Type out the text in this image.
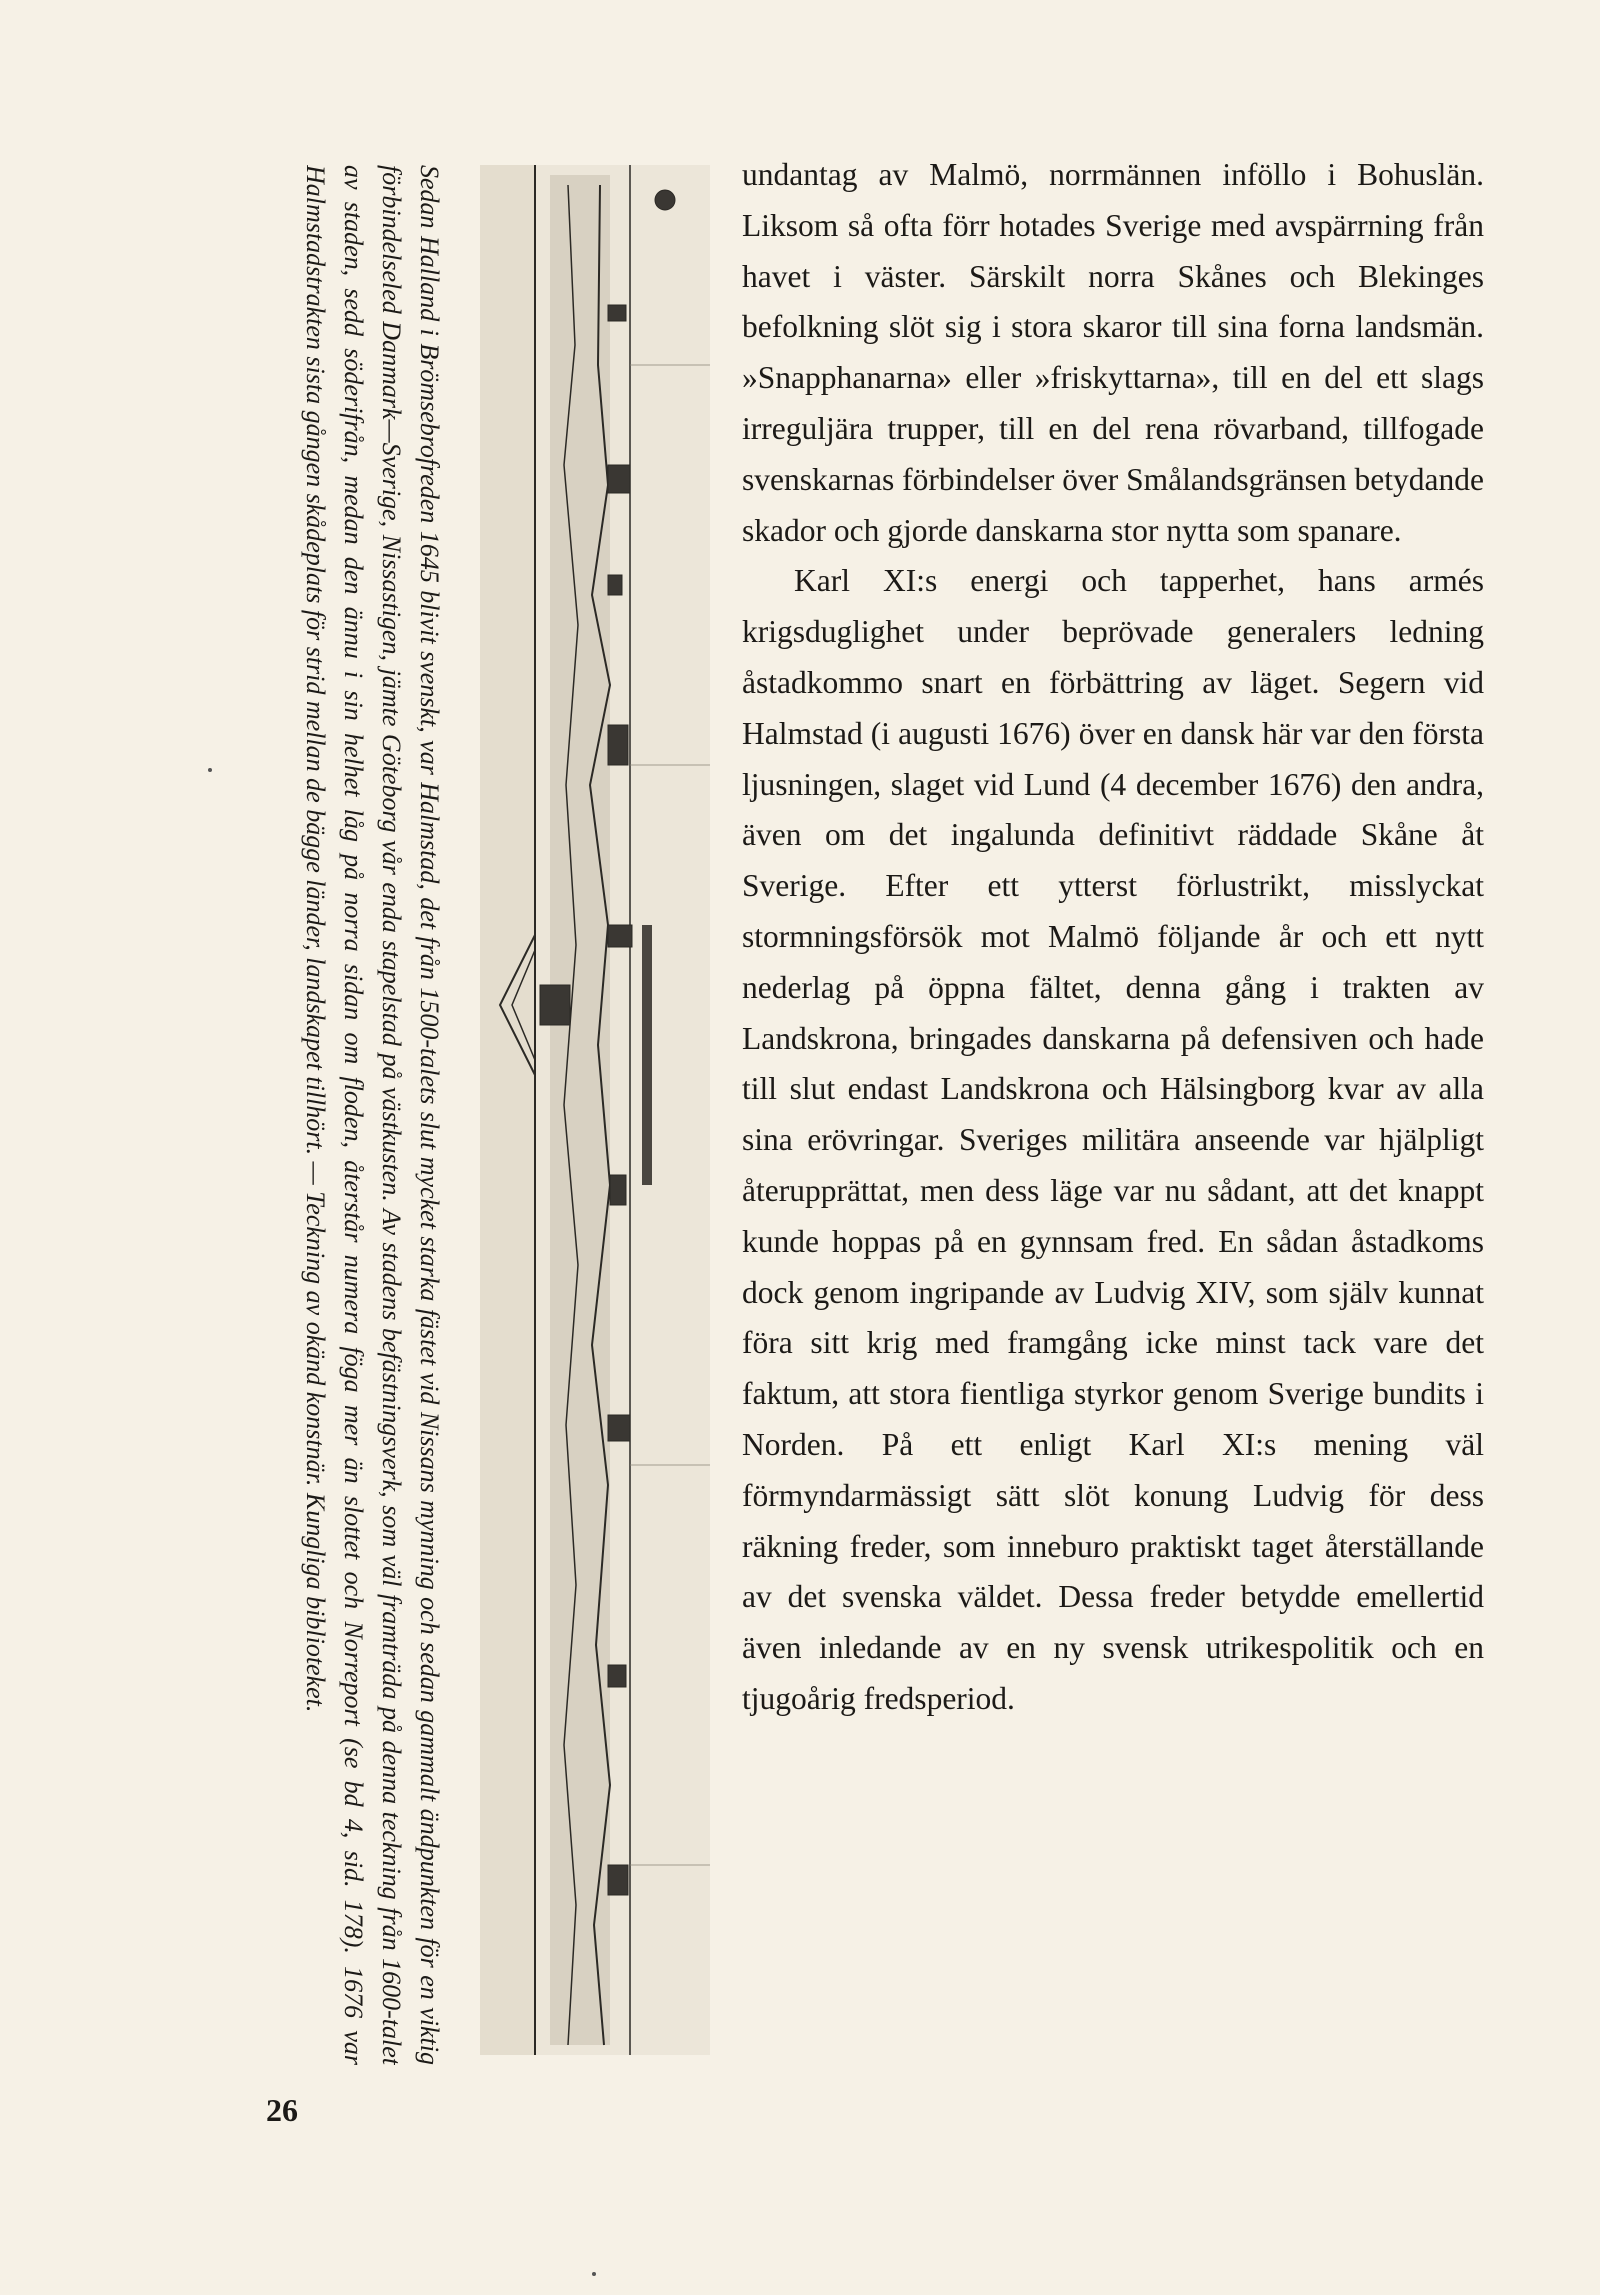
Sedan Halland i Brömsebrofreden 1645 blivit svenskt, var Halmstad, det från 1500-talets slut mycket starka fästet vid Nissans mynning och sedan gammalt ändpunkten för en viktig förbindelseled Danmark—Sverige, Nissastigen, jämte Göteborg vår enda stapelstad på västkusten. Av stadens befästningsverk, som väl framträda på denna teckning från 1600-talet av staden, sedd söderifrån, medan den ännu i sin helhet låg på norra sidan om floden, återstår numera föga mer än slottet och Norreport (se bd 4, sid. 178). 1676 var Halmstadstrakten sista gången skådeplats för strid mellan de bägge länder, landskapet tillhört. — Teckning av okänd konstnär. Kungliga biblioteket.	undantag av Malmö, norrmännen inföllo i Bohuslän. Liksom så ofta förr hotades Sverige med avspärrning från havet i väster. Särskilt norra Skånes och Blekinges befolkning slöt sig i stora skaror till sina forna landsmän. »Snapphanarna» eller »friskyttarna», till en del ett slags irreguljära trupper, till en del rena rövarband, tillfogade svenskarnas förbindelser över Smålandsgränsen betydande skador och gjorde danskarna stor nytta som spanare.

Karl XI:s energi och tapperhet, hans armés krigsduglighet under beprövade generalers ledning åstadkommo snart en förbättring av läget. Segern vid Halmstad (i augusti 1676) över en dansk här var den första ljusningen, slaget vid Lund (4 december 1676) den andra, även om det ingalunda definitivt räddade Skåne åt Sverige. Efter ett ytterst förlustrikt, misslyckat stormningsförsök mot Malmö följande år och ett nytt nederlag på öppna fältet, denna gång i trakten av Landskrona, bringades danskarna på defensiven och hade till slut endast Landskrona och Hälsingborg kvar av alla sina erövringar. Sveriges militära anseende var hjälpligt återupprättat, men dess läge var nu sådant, att det knappt kunde hoppas på en gynnsam fred. En sådan åstadkoms dock genom ingripande av Ludvig XIV, som själv kunnat föra sitt krig med framgång icke minst tack vare det faktum, att stora fientliga styrkor genom Sverige bundits i Norden. På ett enligt Karl XI:s mening väl förmyndarmässigt sätt slöt konung Ludvig för dess räkning freder, som inneburo praktiskt taget återställande av det svenska väldet. Dessa freder betydde emellertid även inledande av en ny svensk utrikespolitik och en tjugoårig fredsperiod.

26
